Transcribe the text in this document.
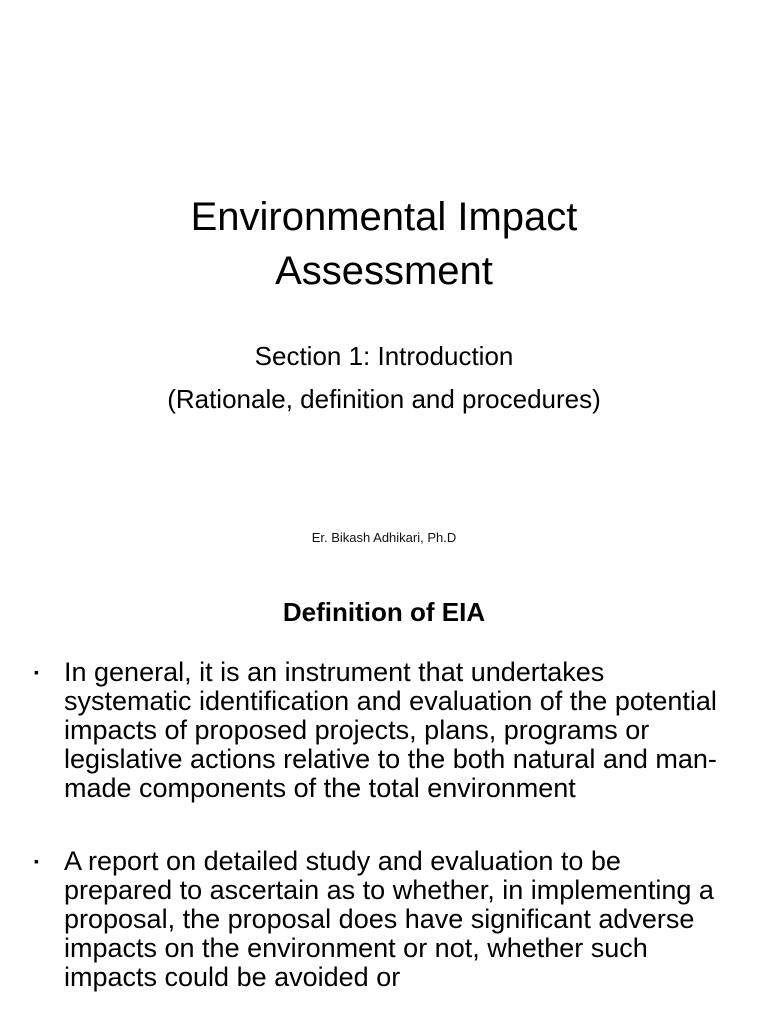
Environmental Impact
Assessment

Section 1: Introduction

(Rationale, definition and procedures)

Er. Bikash Adhikari, Ph.D
Definition of EIA
▪ In general, it is an instrument that undertakes systematic identification and evaluation of the potential impacts of proposed projects, plans, programs or legislative actions relative to the both natural and man-made components of the total environment
▪ A report on detailed study and evaluation to be prepared to ascertain as to whether, in implementing a proposal, the proposal does have significant adverse impacts on the environment or not, whether such impacts could be avoided or
